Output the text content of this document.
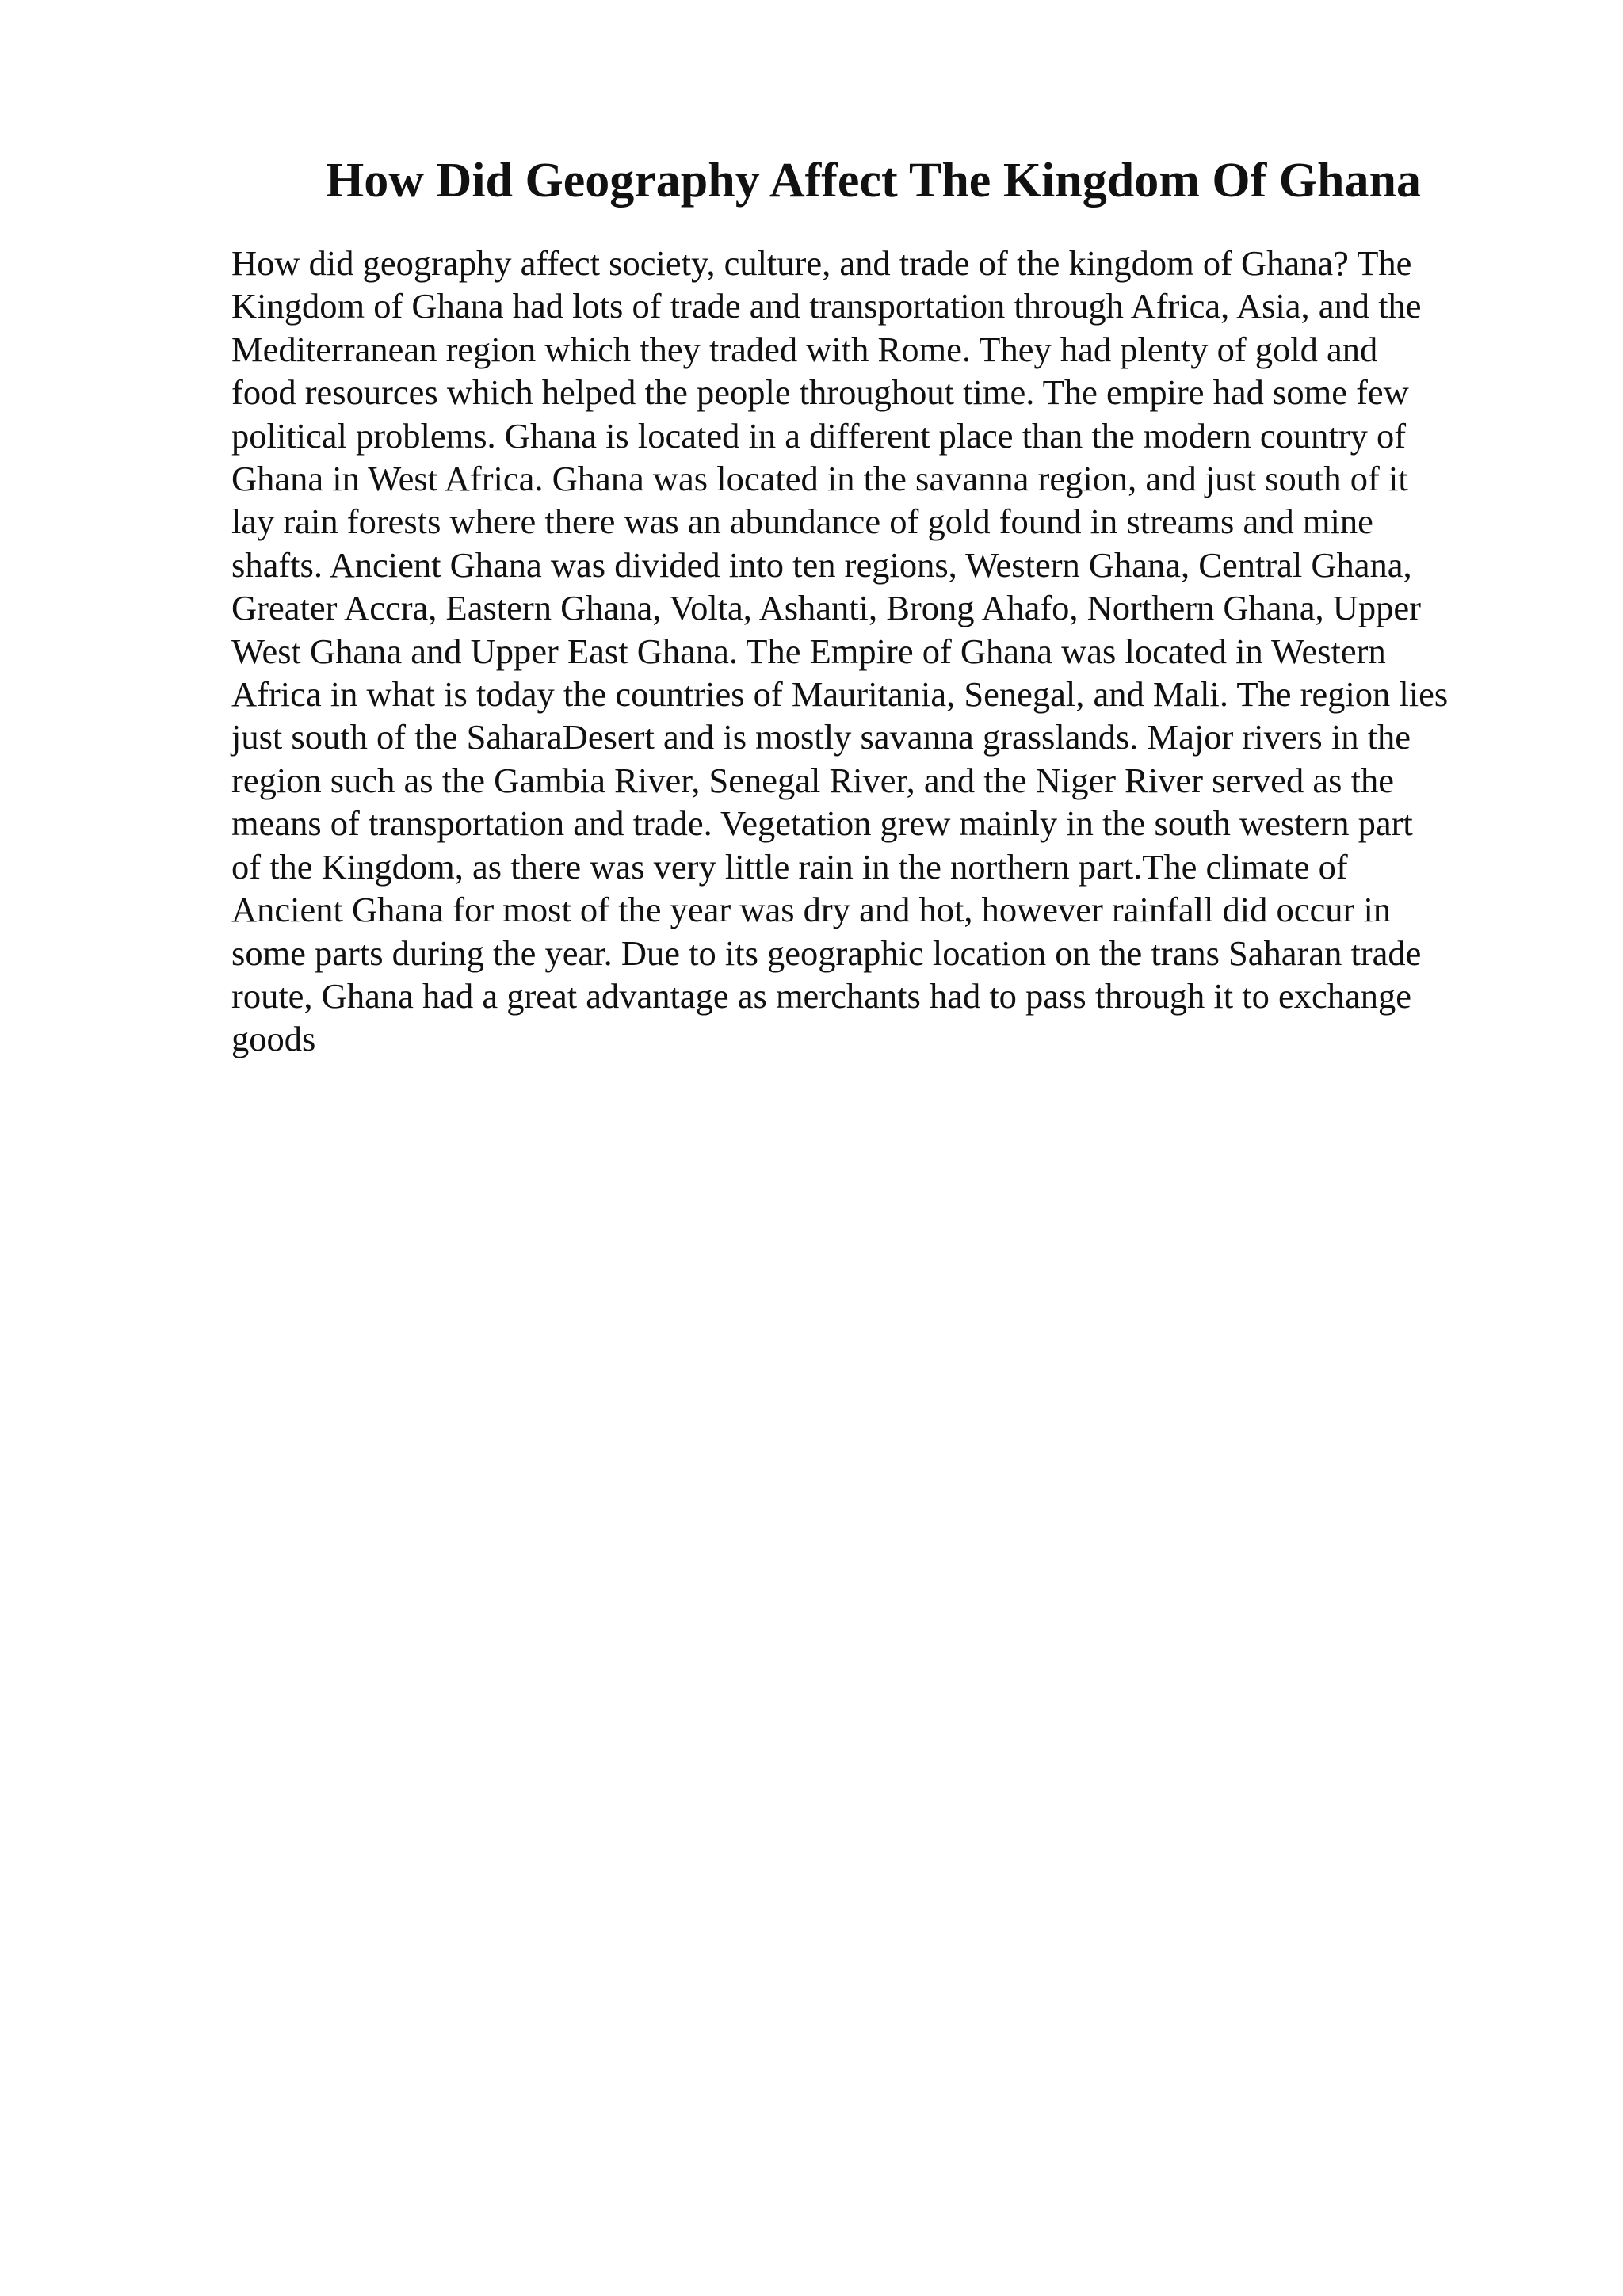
How Did Geography Affect The Kingdom Of Ghana
How did geography affect society, culture, and trade of the kingdom of Ghana? The
Kingdom of Ghana had lots of trade and transportation through Africa, Asia, and the
Mediterranean region which they traded with Rome. They had plenty of gold and
food resources which helped the people throughout time. The empire had some few
political problems. Ghana is located in a different place than the modern country of
Ghana in West Africa. Ghana was located in the savanna region, and just south of it
lay rain forests where there was an abundance of gold found in streams and mine
shafts. Ancient Ghana was divided into ten regions, Western Ghana, Central Ghana,
Greater Accra, Eastern Ghana, Volta, Ashanti, Brong Ahafo, Northern Ghana, Upper
West Ghana and Upper East Ghana. The Empire of Ghana was located in Western
Africa in what is today the countries of Mauritania, Senegal, and Mali. The region lies
just south of the SaharaDesert and is mostly savanna grasslands. Major rivers in the
region such as the Gambia River, Senegal River, and the Niger River served as the
means of transportation and trade. Vegetation grew mainly in the south western part
of the Kingdom, as there was very little rain in the northern part.The climate of
Ancient Ghana for most of the year was dry and hot, however rainfall did occur in
some parts during the year. Due to its geographic location on the trans Saharan trade
route, Ghana had a great advantage as merchants had to pass through it to exchange
goods
